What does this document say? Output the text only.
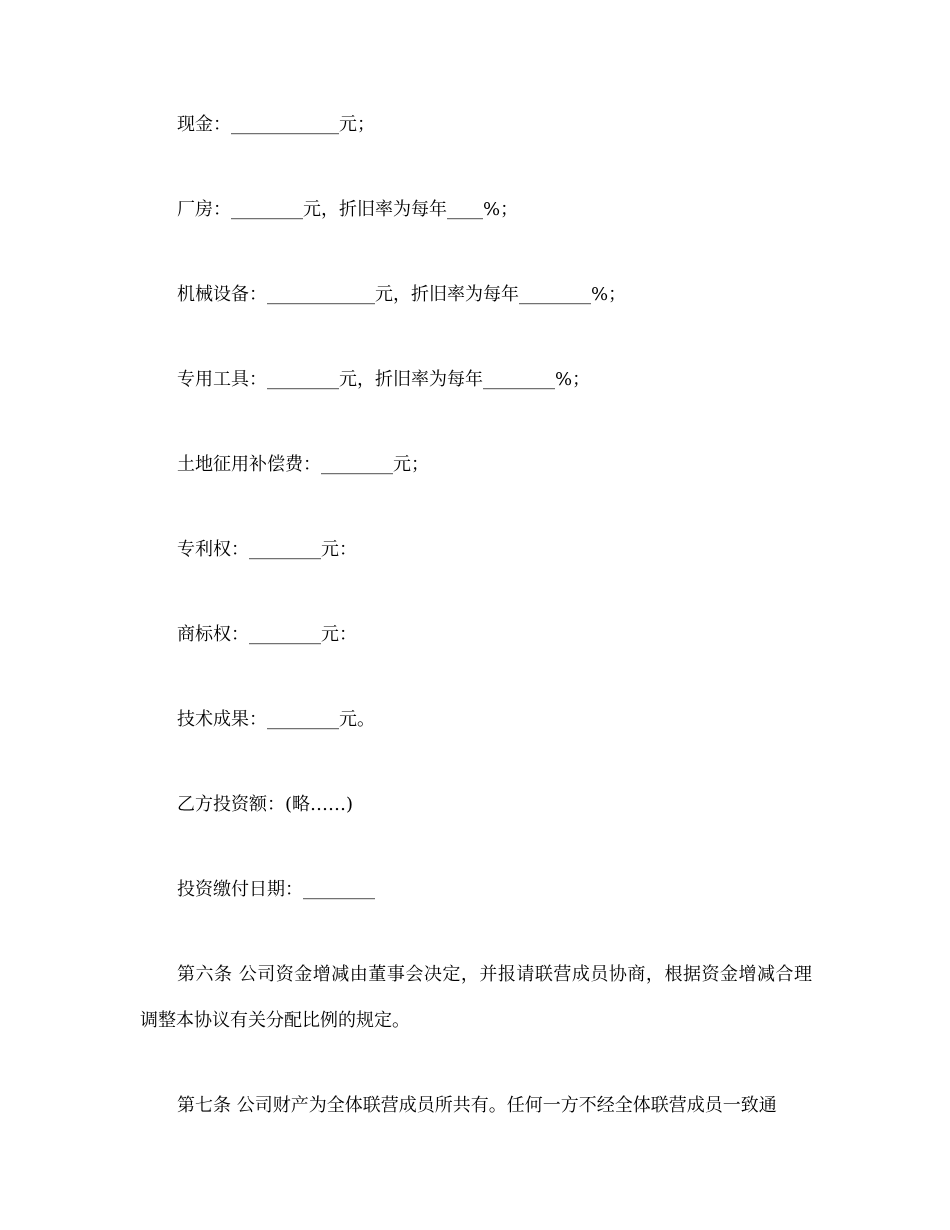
现金：____________元；

厂房：________元，折旧率为每年____%；

机械设备：____________元，折旧率为每年________%；

专用工具：________元，折旧率为每年________%；

土地征用补偿费：________元；

专利权：________元：

商标权：________元：

技术成果：________元。

乙方投资额：(略……)

投资缴付日期：________

第六条 公司资金增减由董事会决定，并报请联营成员协商，根据资金增减合理调整本协议有关分配比例的规定。

第七条 公司财产为全体联营成员所共有。任何一方不经全体联营成员一致通
